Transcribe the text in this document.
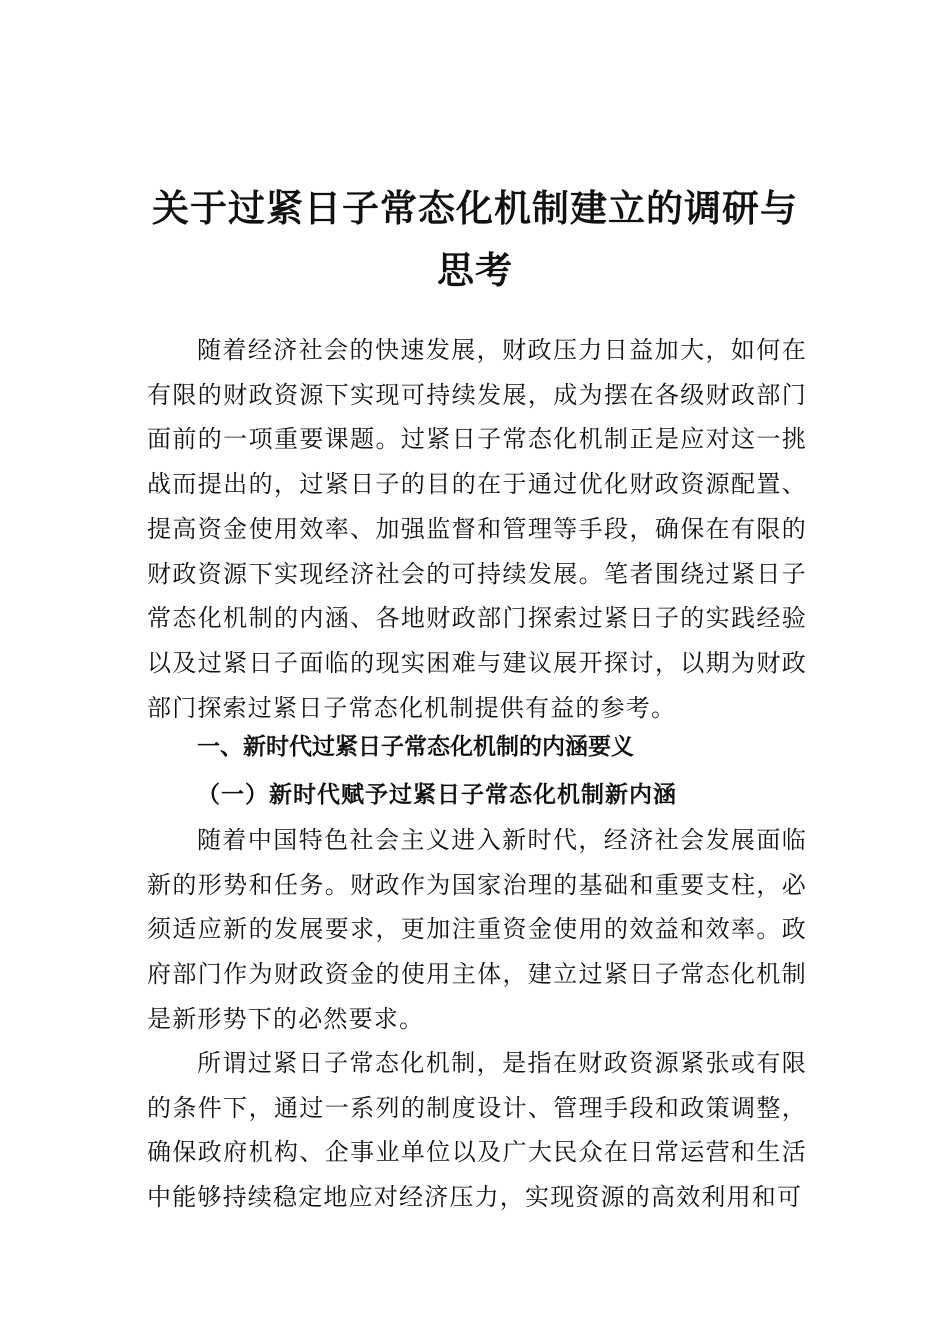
关于过紧日子常态化机制建立的调研与思考

随着经济社会的快速发展，财政压力日益加大，如何在有限的财政资源下实现可持续发展，成为摆在各级财政部门面前的一项重要课题。过紧日子常态化机制正是应对这一挑战而提出的，过紧日子的目的在于通过优化财政资源配置、提高资金使用效率、加强监督和管理等手段，确保在有限的财政资源下实现经济社会的可持续发展。笔者围绕过紧日子常态化机制的内涵、各地财政部门探索过紧日子的实践经验以及过紧日子面临的现实困难与建议展开探讨，以期为财政部门探索过紧日子常态化机制提供有益的参考。

一、新时代过紧日子常态化机制的内涵要义
（一）新时代赋予过紧日子常态化机制新内涵

随着中国特色社会主义进入新时代，经济社会发展面临新的形势和任务。财政作为国家治理的基础和重要支柱，必须适应新的发展要求，更加注重资金使用的效益和效率。政府部门作为财政资金的使用主体，建立过紧日子常态化机制是新形势下的必然要求。

所谓过紧日子常态化机制，是指在财政资源紧张或有限的条件下，通过一系列的制度设计、管理手段和政策调整，确保政府机构、企事业单位以及广大民众在日常运营和生活中能够持续稳定地应对经济压力，实现资源的高效利用和可
